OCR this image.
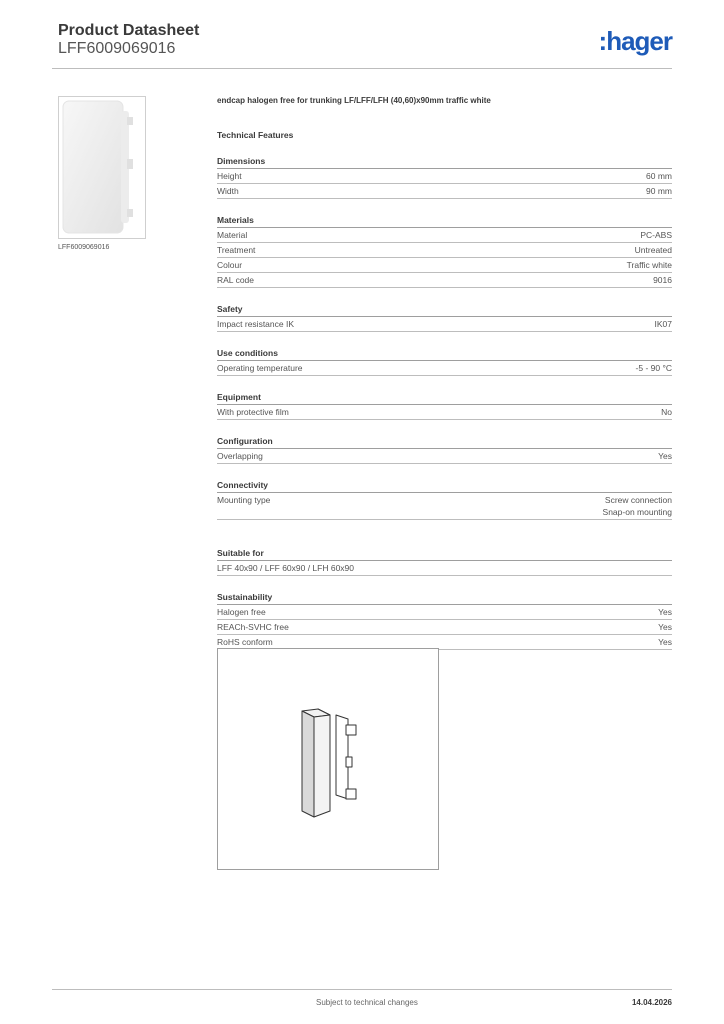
Product Datasheet
LFF6009069016	:hager
LFF6009069016
endcap halogen free for trunking LF/LFF/LFH (40,60)x90mm traffic white
Technical Features
Dimensions
Height	60 mm
Width	90 mm
Materials
Material	PC-ABS
Treatment	Untreated
Colour	Traffic white
RAL code	9016
Safety
Impact resistance IK	IK07
Use conditions
Operating temperature	-5 - 90 °C
Equipment
With protective film	No
Configuration
Overlapping	Yes
Connectivity
Mounting type	Screw connection
Snap-on mounting
Suitable for
LFF 40x90 / LFF 60x90 / LFH 60x90
Sustainability
Halogen free	Yes
REACh-SVHC free	Yes
RoHS conform	Yes
Subject to technical changes	14.04.2026
